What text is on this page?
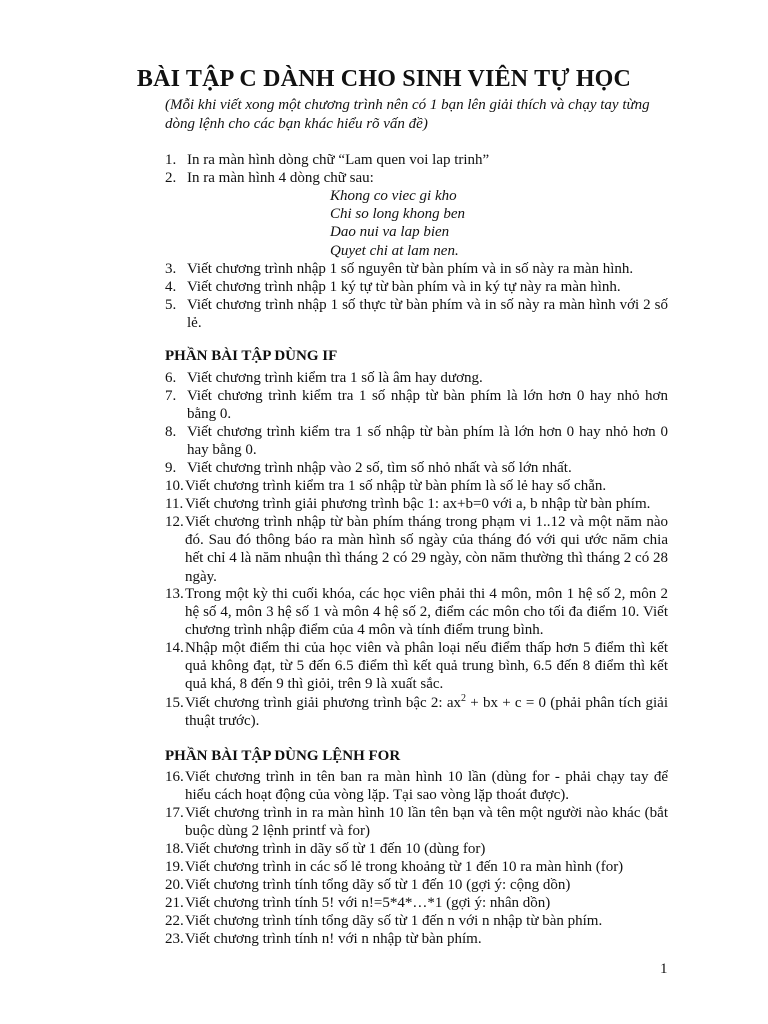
BÀI TẬP C DÀNH CHO SINH VIÊN TỰ HỌC
(Mỗi khi viết xong một chương trình nên có 1 bạn lên giải thích và chạy tay từng dòng lệnh cho các bạn khác hiểu rõ vấn đề)
1. In ra màn hình dòng chữ “Lam quen voi lap trinh”
2. In ra màn hình 4 dòng chữ sau:
Khong co viec gi kho
Chi so long khong ben
Dao nui va lap bien
Quyet chi at lam nen.
3. Viết chương trình nhập 1 số nguyên từ bàn phím và in số này ra màn hình.
4. Viết chương trình nhập 1 ký tự từ bàn phím và in ký tự này ra màn hình.
5. Viết chương trình nhập 1 số thực từ bàn phím và in số này ra màn hình với 2 số lẻ.
PHẦN BÀI TẬP DÙNG IF
6. Viết chương trình kiểm tra 1 số là âm hay dương.
7. Viết chương trình kiểm tra 1 số nhập từ bàn phím là lớn hơn 0 hay nhỏ hơn bằng 0.
8. Viết chương trình kiểm tra 1 số nhập từ bàn phím là lớn hơn 0 hay nhỏ hơn 0 hay bằng 0.
9. Viết chương trình nhập vào 2 số, tìm số nhỏ nhất và số lớn nhất.
10. Viết chương trình kiểm tra 1 số nhập từ bàn phím là số lẻ hay số chẵn.
11. Viết chương trình giải phương trình bậc 1: ax+b=0 với a, b nhập từ bàn phím.
12. Viết chương trình nhập từ bàn phím tháng trong phạm vi 1..12 và một năm nào đó. Sau đó thông báo ra màn hình số ngày của tháng đó với qui ước năm chia hết chỉ 4 là năm nhuận thì tháng 2 có 29 ngày, còn năm thường thì tháng 2 có 28 ngày.
13. Trong một kỳ thi cuối khóa, các học viên phải thi 4 môn, môn 1 hệ số 2, môn 2 hệ số 4, môn 3 hệ số 1 và môn 4 hệ số 2, điểm các môn cho tối đa điểm 10. Viết chương trình nhập điểm của 4 môn và tính điểm trung bình.
14. Nhập một điểm thi của học viên và phân loại nếu điểm thấp hơn 5 điểm thì kết quả không đạt, từ 5 đến 6.5 điểm thì kết quả trung bình, 6.5 đến 8 điểm thì kết quả khá, 8 đến 9 thì giỏi, trên 9 là xuất sắc.
15. Viết chương trình giải phương trình bậc 2: $ax^2$ + bx + c = 0 (phải phân tích giải thuật trước).
PHẦN BÀI TẬP DÙNG LỆNH FOR
16. Viết chương trình in tên ban ra màn hình 10 lần (dùng for - phải chạy tay để hiểu cách hoạt động của vòng lặp. Tại sao vòng lặp thoát được).
17. Viết chương trình in ra màn hình 10 lần tên bạn và tên một người nào khác (bắt buộc dùng 2 lệnh printf và for)
18. Viết chương trình in dãy số từ 1 đến 10 (dùng for)
19. Viết chương trình in các số lẻ trong khoảng từ 1 đến 10 ra màn hình (for)
20. Viết chương trình tính tổng dãy số từ 1 đến 10 (gợi ý: cộng dồn)
21. Viết chương trình tính 5! với n!=5*4*…*1 (gợi ý: nhân dồn)
22. Viết chương trình tính tổng dãy số từ 1 đến n với n nhập từ bàn phím.
23. Viết chương trình tính n! với n nhập từ bàn phím.
1
